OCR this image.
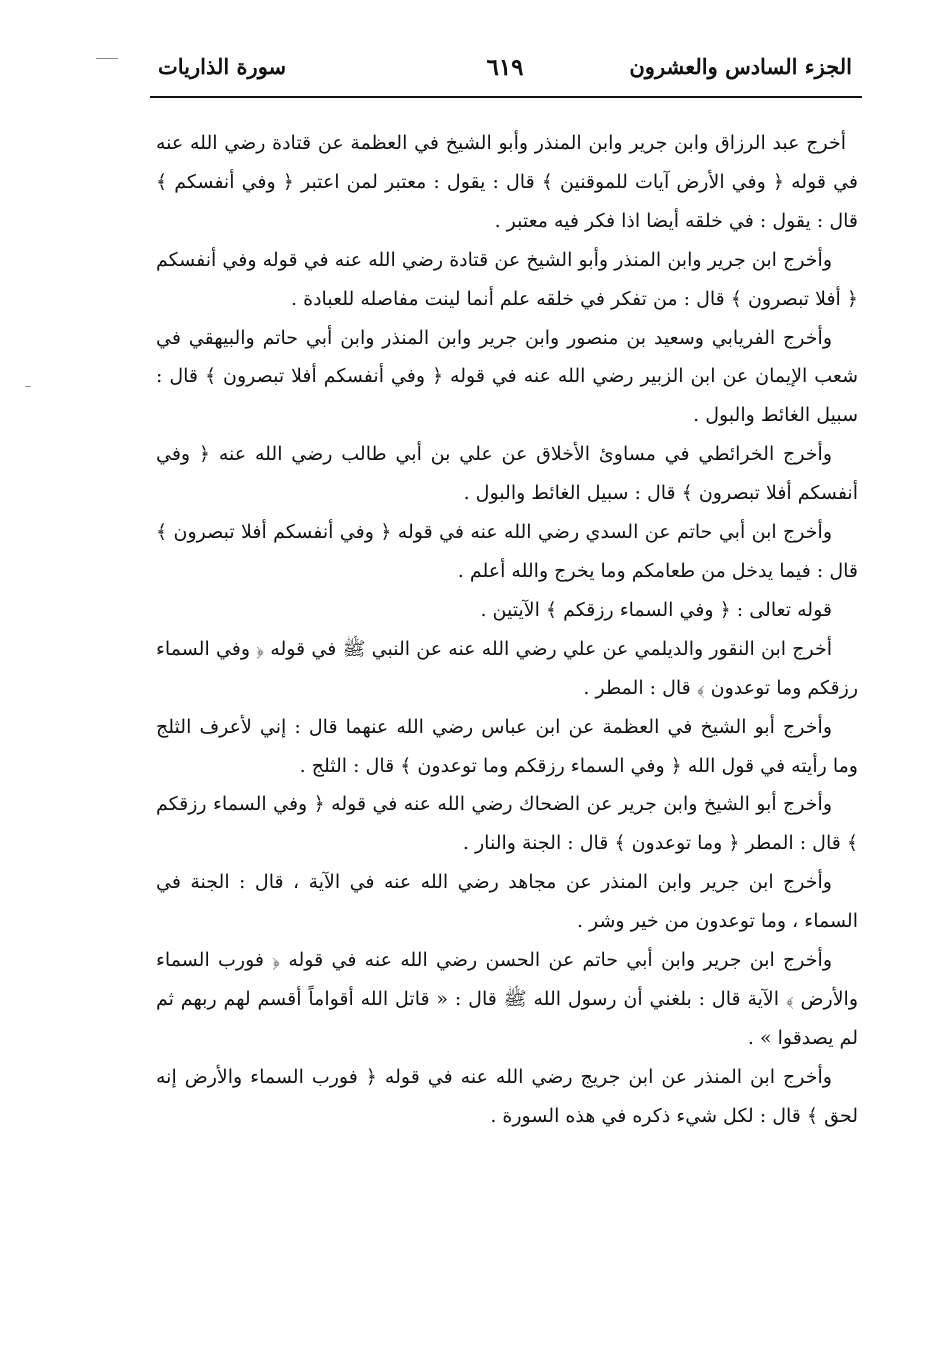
الجزء السادس والعشرون
٦١٩
سورة الذاريات

أخرج عبد الرزاق وابن جرير وابن المنذر وأبو الشيخ في العظمة عن قتادة رضي الله عنه في قوله ﴿ وفي الأرض آيات للموقنين ﴾ قال : يقول : معتبر لمن اعتبر ﴿ وفي أنفسكم ﴾ قال : يقول : في خلقه أيضا اذا فكر فيه معتبر .

وأخرج ابن جرير وابن المنذر وأبو الشيخ عن قتادة رضي الله عنه في قوله وفي أنفسكم ﴿ أفلا تبصرون ﴾ قال : من تفكر في خلقه علم أنما لينت مفاصله للعبادة .

وأخرج الفريابي وسعيد بن منصور وابن جرير وابن المنذر وابن أبي حاتم والبيهقي في شعب الإيمان عن ابن الزبير رضي الله عنه في قوله ﴿ وفي أنفسكم أفلا تبصرون ﴾ قال : سبيل الغائط والبول .

وأخرج الخرائطي في مساوئ الأخلاق عن علي بن أبي طالب رضي الله عنه ﴿ وفي أنفسكم أفلا تبصرون ﴾ قال : سبيل الغائط والبول .

وأخرج ابن أبي حاتم عن السدي رضي الله عنه في قوله ﴿ وفي أنفسكم أفلا تبصرون ﴾ قال : فيما يدخل من طعامكم وما يخرج والله أعلم .

قوله تعالى : ﴿ وفي السماء رزقكم ﴾ الآيتين .

أخرج ابن النقور والديلمي عن علي رضي الله عنه عن النبي ﷺ في قوله ﴿ وفي السماء رزقكم وما توعدون ﴾ قال : المطر .

وأخرج أبو الشيخ في العظمة عن ابن عباس رضي الله عنهما قال : إني لأعرف الثلج وما رأيته في قول الله ﴿ وفي السماء رزقكم وما توعدون ﴾ قال : الثلج .

وأخرج أبو الشيخ وابن جرير عن الضحاك رضي الله عنه في قوله ﴿ وفي السماء رزقكم ﴾ قال : المطر ﴿ وما توعدون ﴾ قال : الجنة والنار .

وأخرج ابن جرير وابن المنذر عن مجاهد رضي الله عنه في الآية ، قال : الجنة في السماء ، وما توعدون من خير وشر .

وأخرج ابن جرير وابن أبي حاتم عن الحسن رضي الله عنه في قوله ﴿ فورب السماء والأرض ﴾ الآية قال : بلغني أن رسول الله ﷺ قال : « قاتل الله أقواماً أقسم لهم ربهم ثم لم يصدقوا » .

وأخرج ابن المنذر عن ابن جريج رضي الله عنه في قوله ﴿ فورب السماء والأرض إنه لحق ﴾ قال : لكل شيء ذكره في هذه السورة .
